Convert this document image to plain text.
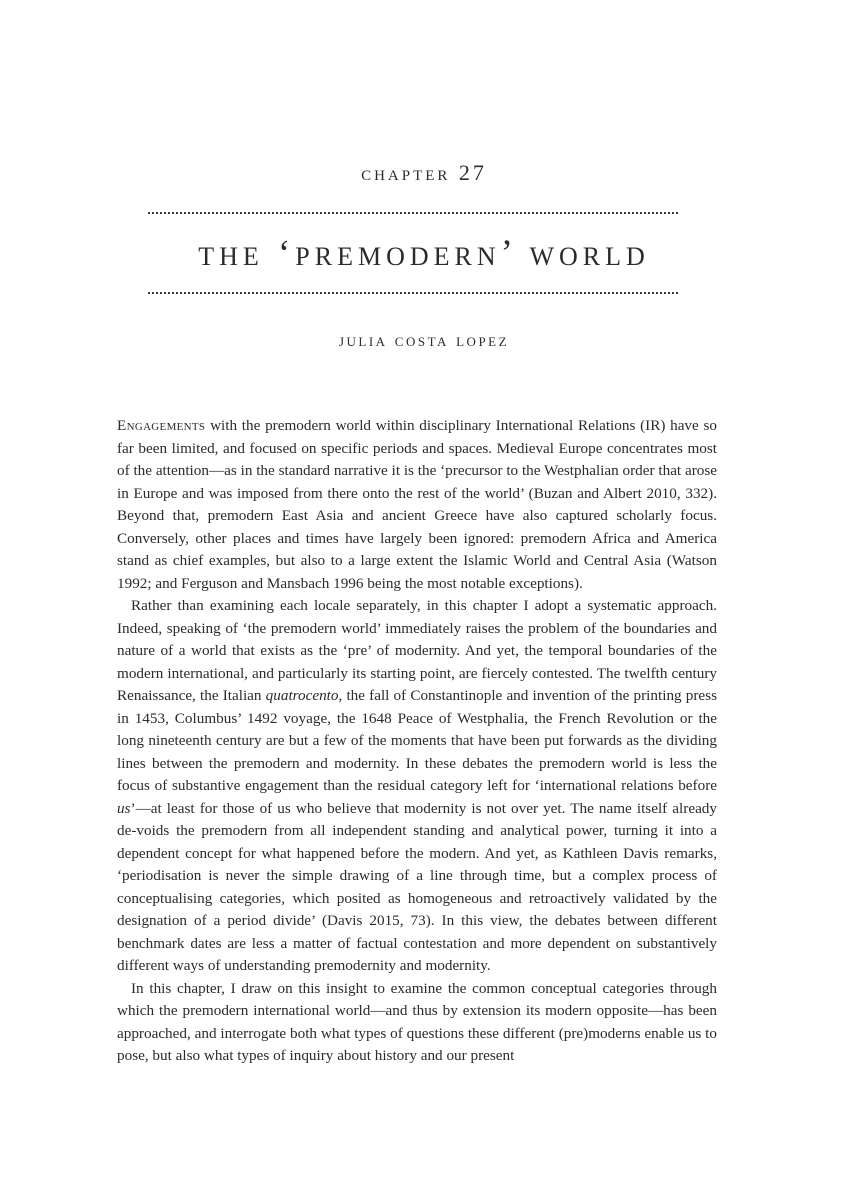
chapter 27
the ‘premodern’ world
julia costa lopez

Engagements with the premodern world within disciplinary International Relations (IR) have so far been limited, and focused on specific periods and spaces. Medieval Europe concentrates most of the attention—as in the standard narrative it is the ‘precursor to the Westphalian order that arose in Europe and was imposed from there onto the rest of the world’ (Buzan and Albert 2010, 332). Beyond that, premodern East Asia and ancient Greece have also captured scholarly focus. Conversely, other places and times have largely been ignored: premodern Africa and America stand as chief examples, but also to a large extent the Islamic World and Central Asia (Watson 1992; and Ferguson and Mansbach 1996 being the most notable exceptions).

Rather than examining each locale separately, in this chapter I adopt a systematic approach. Indeed, speaking of ‘the premodern world’ immediately raises the problem of the boundaries and nature of a world that exists as the ‘pre’ of modernity. And yet, the temporal boundaries of the modern international, and particularly its starting point, are fiercely contested. The twelfth century Renaissance, the Italian quatrocento, the fall of Constantinople and invention of the printing press in 1453, Columbus’ 1492 voyage, the 1648 Peace of Westphalia, the French Revolution or the long nineteenth century are but a few of the moments that have been put forwards as the dividing lines between the premodern and modernity. In these debates the premodern world is less the focus of substantive engagement than the residual category left for ‘international relations before us’—at least for those of us who believe that modernity is not over yet. The name itself already de-voids the premodern from all independent standing and analytical power, turning it into a dependent concept for what happened before the modern. And yet, as Kathleen Davis remarks, ‘periodisation is never the simple drawing of a line through time, but a complex process of conceptualising categories, which posited as homogeneous and retroactively validated by the designation of a period divide’ (Davis 2015, 73). In this view, the debates between different benchmark dates are less a matter of factual contestation and more dependent on substantively different ways of understanding premodernity and modernity.

In this chapter, I draw on this insight to examine the common conceptual categories through which the premodern international world—and thus by extension its modern opposite—has been approached, and interrogate both what types of questions these different (pre)moderns enable us to pose, but also what types of inquiry about history and our present
